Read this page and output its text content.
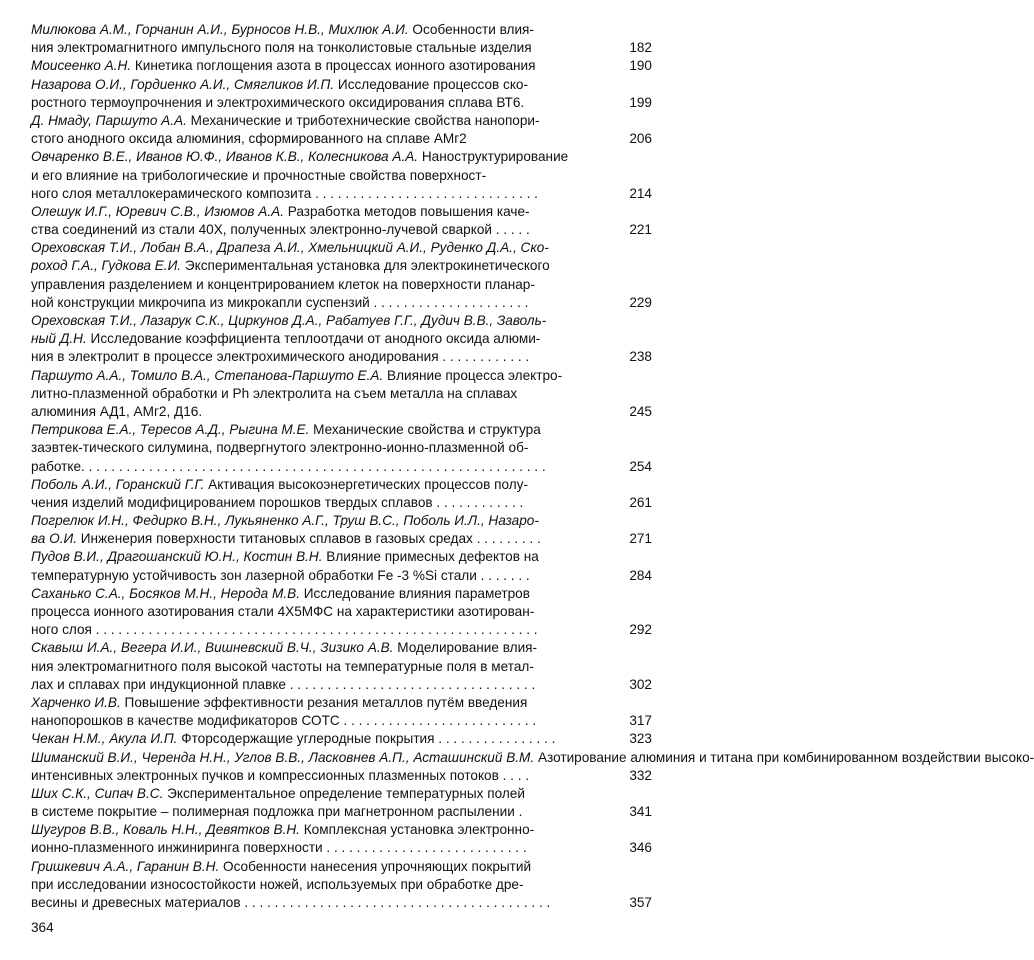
Милюкова А.М., Горчанин А.И., Бурносов Н.В., Михлюк А.И. Особенности влия-
ния электромагнитного импульсного поля на тонколистовые стальные изделия	182
Моисеенко А.Н. Кинетика поглощения азота в процессах ионного азотирования	190
Назарова О.И., Гордиенко А.И., Смягликов И.П. Исследование процессов ско-
ростного термоупрочнения и электрохимического оксидирования сплава ВТ6.	199
Д. Нмаду, Паршуто А.А. Механические и триботехнические свойства нанопори-
стого анодного оксида алюминия, сформированного на сплаве АМг2	206
Овчаренко В.Е., Иванов Ю.Ф., Иванов К.В., Колесникова А.А. Наноструктурирование
и его влияние на трибологические и прочностные свойства поверхност-
ного слоя металлокерамического композита . . . . . . . . . . . . . . . . . . . . . . . . . . . . . .	214
Олешук И.Г., Юревич С.В., Изюмов А.А. Разработка методов повышения каче-
ства соединений из стали 40Х, полученных электронно-лучевой сваркой . . . . .	221
Ореховская Т.И., Лобан В.А., Драпеза А.И., Хмельницкий А.И., Руденко Д.А., Ско-
роход Г.А., Гудкова Е.И. Экспериментальная установка для электрокинетического
управления разделением и концентрированием клеток на поверхности планар-
ной конструкции микрочипа из микрокапли суспензий . . . . . . . . . . . . . . . . . . . . .	229
Ореховская Т.И., Лазарук С.К., Циркунов Д.А., Рабатуев Г.Г., Дудич В.В., Заволь-
ный Д.Н. Исследование коэффициента теплоотдачи от анодного оксида алюми-
ния в электролит в процессе электрохимического анодирования . . . . . . . . . . . .	238
Паршуто А.А., Томило В.А., Степанова-Паршуто Е.А. Влияние процесса электро-
литно-плазменной обработки и Ph электролита на съем металла на сплавах
алюминия АД1, АМг2, Д16.	245
Петрикова Е.А., Тересов А.Д., Рыгина М.Е. Механические свойства и структура
заэвтек-тического силумина, подвергнутого электронно-ионно-плазменной об-
работке. . . . . . . . . . . . . . . . . . . . . . . . . . . . . . . . . . . . . . . . . . . . . . . . . . . . . . . . . . . . . .	254
Поболь А.И., Горанский Г.Г. Активация высокоэнергетических процессов полу-
чения изделий модифицированием порошков твердых сплавов . . . . . . . . . . . .	261
Погрелюк И.Н., Федирко В.Н., Лукьяненко А.Г., Труш В.С., Поболь И.Л., Назаро-
ва О.И. Инженерия поверхности титановых сплавов в газовых средах . . . . . . . . .	271
Пудов В.И., Драгошанский Ю.Н., Костин В.Н. Влияние примесных дефектов на
температурную устойчивость зон лазерной обработки Fe -3 %Si стали . . . . . . .	284
Саханько С.А., Босяков М.Н., Нерода М.В. Исследование влияния параметров
процесса ионного азотирования стали 4Х5МФС на характеристики азотирован-
ного слоя . . . . . . . . . . . . . . . . . . . . . . . . . . . . . . . . . . . . . . . . . . . . . . . . . . . . . . . . . . .	292
Скавыш И.А., Вегера И.И., Вишневский В.Ч., Зизико А.В. Моделирование влия-
ния электромагнитного поля высокой частоты на температурные поля в метал-
лах и сплавах при индукционной плавке . . . . . . . . . . . . . . . . . . . . . . . . . . . . . . . . .	302
Харченко И.В. Повышение эффективности резания металлов путём введения
нанопорошков в качестве модификаторов СОТС . . . . . . . . . . . . . . . . . . . . . . . . . .	317
Чекан Н.М., Акула И.П. Фторсодержащие углеродные покрытия . . . . . . . . . . . . . . . .	323
Шиманский В.И., Черенда Н.Н., Углов В.В., Ласковнев А.П., Асташинский В.М. Азотирование алюминия и титана при комбинированном воздействии высоко-
интенсивных электронных пучков и компрессионных плазменных потоков . . . .	332
Ших С.К., Сипач В.С. Экспериментальное определение температурных полей
в системе покрытие – полимерная подложка при магнетронном распылении .	341
Шугуров В.В., Коваль Н.Н., Девятков В.Н. Комплексная установка электронно-
ионно-плазменного инжиниринга поверхности . . . . . . . . . . . . . . . . . . . . . . . . . . .	346
Гришкевич А.А., Гаранин В.Н. Особенности нанесения упрочняющих покрытий
при исследовании износостойкости ножей, используемых при обработке дре-
весины и древесных материалов . . . . . . . . . . . . . . . . . . . . . . . . . . . . . . . . . . . . . . . . .	357
364
